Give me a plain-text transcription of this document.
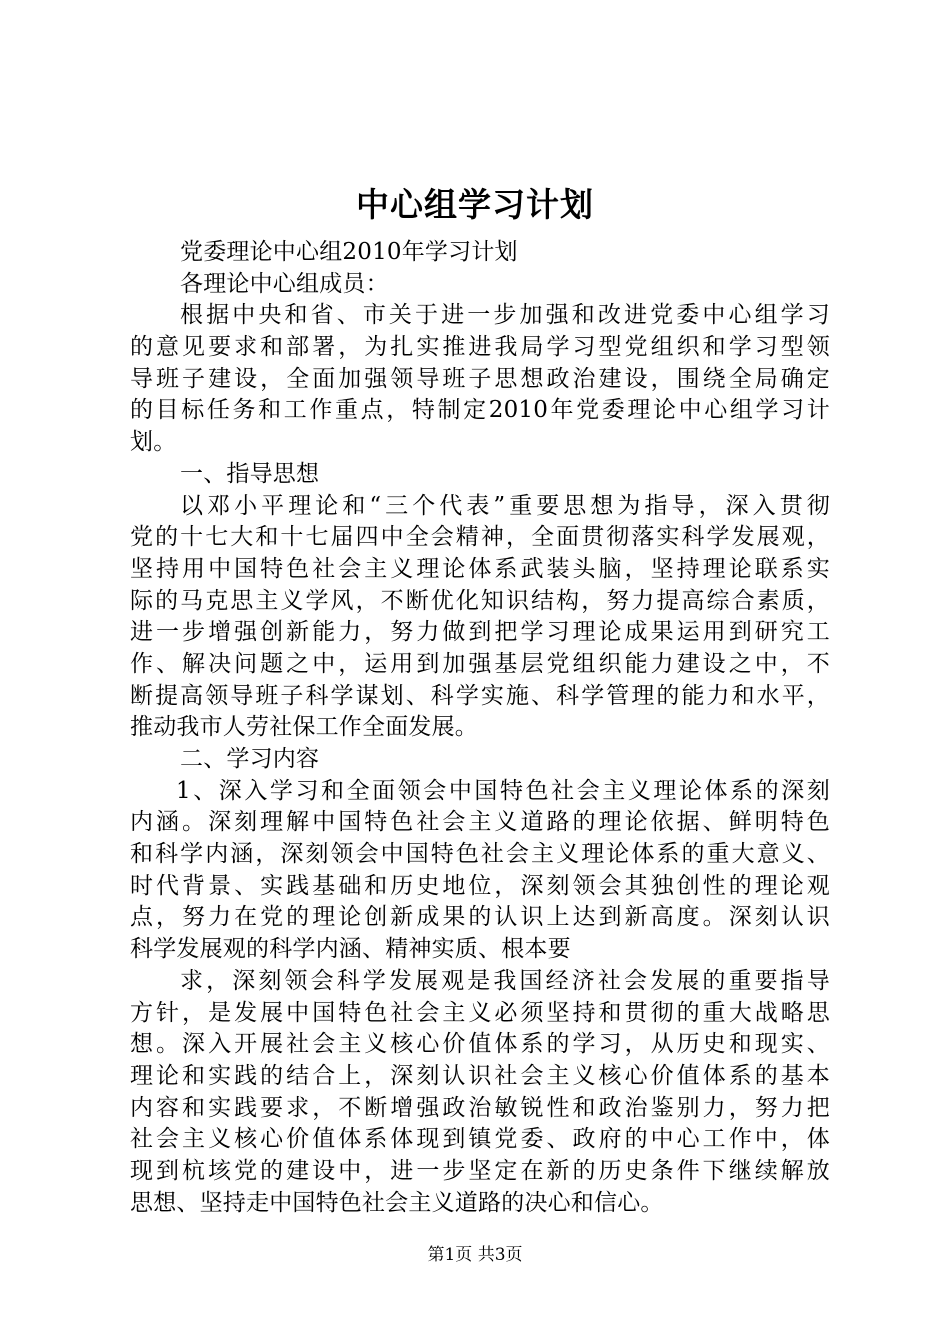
中心组学习计划
党委理论中心组2010年学习计划
各理论中心组成员：
根据中央和省、市关于进一步加强和改进党委中心组学习
的意见要求和部署，为扎实推进我局学习型党组织和学习型领
导班子建设，全面加强领导班子思想政治建设，围绕全局确定
的目标任务和工作重点，特制定2010年党委理论中心组学习计
划。
一、指导思想
以邓小平理论和“三个代表”重要思想为指导，深入贯彻
党的十七大和十七届四中全会精神，全面贯彻落实科学发展观，
坚持用中国特色社会主义理论体系武装头脑，坚持理论联系实
际的马克思主义学风，不断优化知识结构，努力提高综合素质，
进一步增强创新能力，努力做到把学习理论成果运用到研究工
作、解决问题之中，运用到加强基层党组织能力建设之中，不
断提高领导班子科学谋划、科学实施、科学管理的能力和水平，
推动我市人劳社保工作全面发展。
二、学习内容
1、深入学习和全面领会中国特色社会主义理论体系的深刻
内涵。深刻理解中国特色社会主义道路的理论依据、鲜明特色
和科学内涵，深刻领会中国特色社会主义理论体系的重大意义、
时代背景、实践基础和历史地位，深刻领会其独创性的理论观
点，努力在党的理论创新成果的认识上达到新高度。深刻认识
科学发展观的科学内涵、精神实质、根本要
求，深刻领会科学发展观是我国经济社会发展的重要指导
方针，是发展中国特色社会主义必须坚持和贯彻的重大战略思
想。深入开展社会主义核心价值体系的学习，从历史和现实、
理论和实践的结合上，深刻认识社会主义核心价值体系的基本
内容和实践要求，不断增强政治敏锐性和政治鉴别力，努力把
社会主义核心价值体系体现到镇党委、政府的中心工作中，体
现到杭垓党的建设中，进一步坚定在新的历史条件下继续解放
思想、坚持走中国特色社会主义道路的决心和信心。
第1页 共3页
